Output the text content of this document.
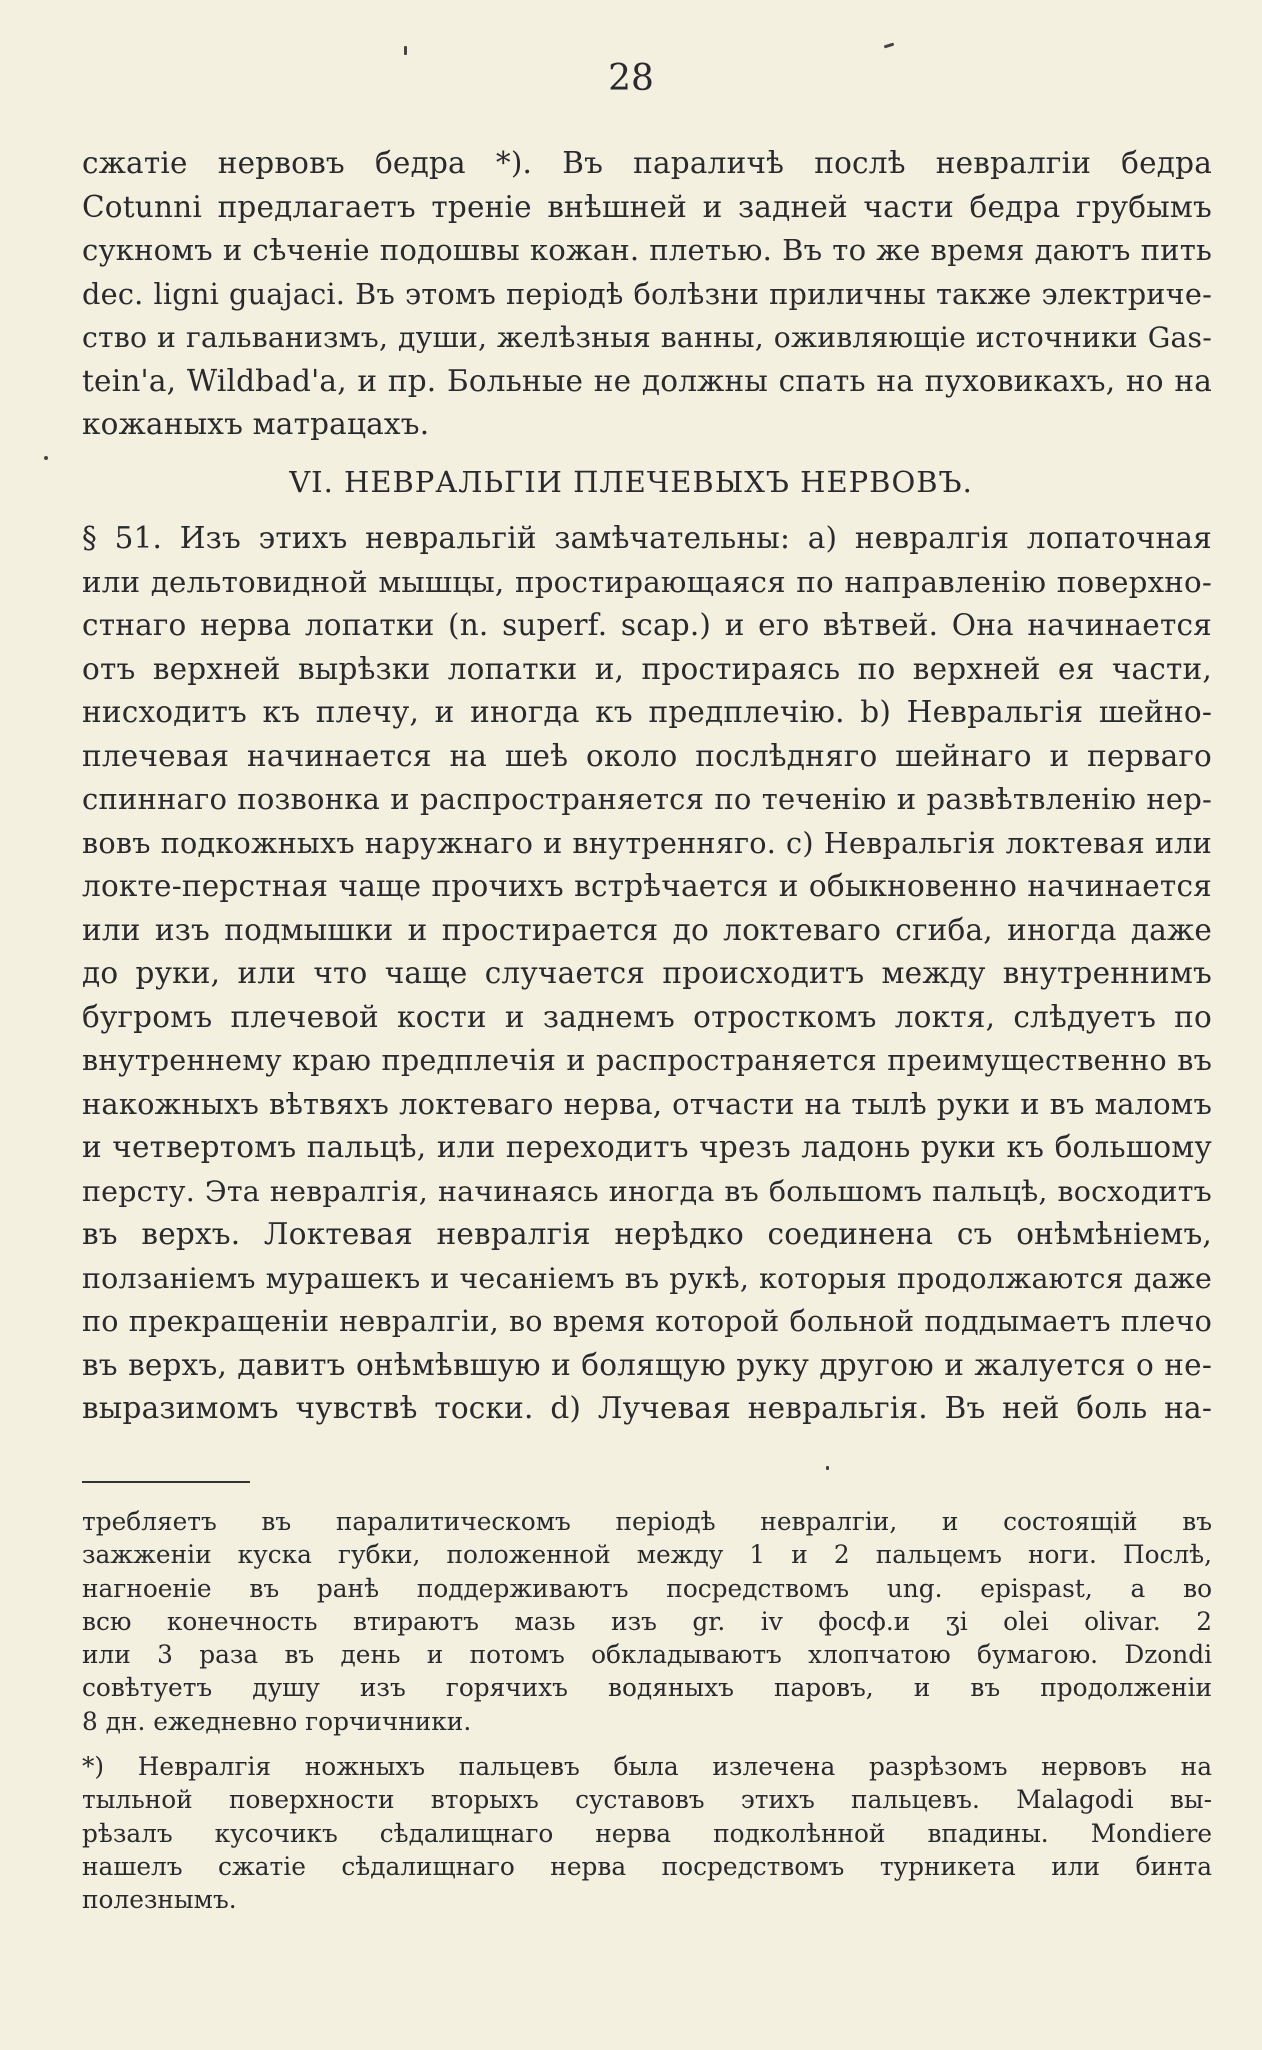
28
сжатіе нервовъ бедра *). Въ параличѣ послѣ невралгіи бедра
Cotunni предлагаетъ треніе внѣшней и задней части бедра грубымъ
сукномъ и сѣченіе подошвы кожан. плетью. Въ то же время даютъ пить
dec. ligni guajaci. Въ этомъ періодѣ болѣзни приличны также электриче-
ство и гальванизмъ, души, желѣзныя ванны, оживляющіе источники Gas-
tein'а, Wildbad'а, и пр. Больные не должны спать на пуховикахъ, но на
кожаныхъ матрацахъ.
VI. НЕВРАЛЬГІИ ПЛЕЧЕВЫХЪ НЕРВОВЪ.
§ 51. Изъ этихъ невральгій замѣчательны: а) невралгія лопаточная
или дельтовидной мышцы, простирающаяся по направленію поверхно-
стнаго нерва лопатки (n. superf. scap.) и его вѣтвей. Она начинается
отъ верхней вырѣзки лопатки и, простираясь по верхней ея части,
нисходитъ къ плечу, и иногда къ предплечію. b) Невральгія шейно-
плечевая начинается на шеѣ около послѣдняго шейнаго и перваго
спиннаго позвонка и распространяется по теченію и развѣтвленію нер-
вовъ подкожныхъ наружнаго и внутренняго. c) Невральгія локтевая или
локте-перстная чаще прочихъ встрѣчается и обыкновенно начинается
или изъ подмышки и простирается до локтеваго сгиба, иногда даже
до руки, или что чаще случается происходитъ между внутреннимъ
бугромъ плечевой кости и заднемъ отросткомъ локтя, слѣдуетъ по
внутреннему краю предплечія и распространяется преимущественно въ
накожныхъ вѣтвяхъ локтеваго нерва, отчасти на тылѣ руки и въ маломъ
и четвертомъ пальцѣ, или переходитъ чрезъ ладонь руки къ большому
персту. Эта невралгія, начинаясь иногда въ большомъ пальцѣ, восходитъ
въ верхъ. Локтевая невралгія нерѣдко соединена съ онѣмѣніемъ,
ползаніемъ мурашекъ и чесаніемъ въ рукѣ, которыя продолжаются даже
по прекращеніи невралгіи, во время которой больной поддымаетъ плечо
въ верхъ, давитъ онѣмѣвшую и болящую руку другою и жалуется о не-
выразимомъ чувствѣ тоски. d) Лучевая невральгія. Въ ней боль на-
требляетъ въ паралитическомъ періодѣ невралгіи, и состоящій въ
зажженіи куска губки, положенной между 1 и 2 пальцемъ ноги. Послѣ,
нагноеніе въ ранѣ поддерживаютъ посредствомъ ung. epispast, а во
всю конечность втираютъ мазь изъ gr. iv фосф.и ʒi olei olivar. 2
или 3 раза въ день и потомъ обкладываютъ хлопчатою бумагою. Dzondi
совѣтуетъ душу изъ горячихъ водяныхъ паровъ, и въ продолженіи
8 дн. ежедневно горчичники.
*) Невралгія ножныхъ пальцевъ была излечена разрѣзомъ нервовъ на
тыльной поверхности вторыхъ суставовъ этихъ пальцевъ. Malagodi вы-
рѣзалъ кусочикъ сѣдалищнаго нерва подколѣнной впадины. Mondiere
нашелъ сжатіе сѣдалищнаго нерва посредствомъ турникета или бинта
полезнымъ.
